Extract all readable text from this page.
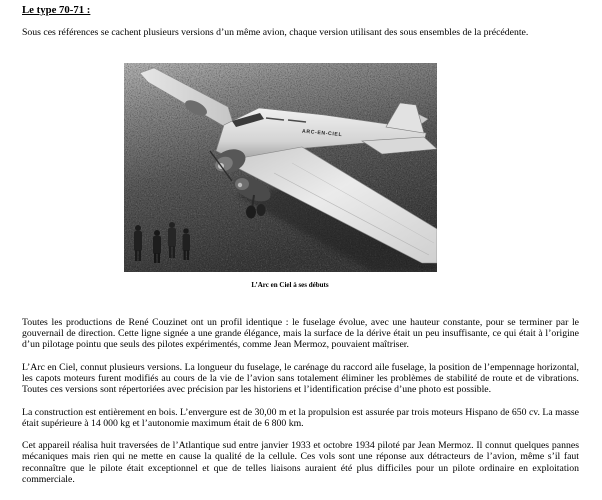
Le type 70-71 :
Sous ces références se cachent plusieurs versions d’un même avion, chaque version utilisant des sous ensembles de la précédente.
ARC-EN-CIEL
L’Arc en Ciel à ses débuts

Toutes les productions de René Couzinet ont un profil identique : le fuselage évolue, avec une hauteur constante, pour se terminer par le gouvernail de direction. Cette ligne signée a une grande élégance, mais la surface de la dérive était un peu insuffisante, ce qui était à l’origine d’un pilotage pointu que seuls des pilotes expérimentés, comme Jean Mermoz, pouvaient maîtriser.

L’Arc en Ciel, connut plusieurs versions. La longueur du fuselage, le carénage du raccord aile fuselage, la position de l’empennage horizontal, les capots moteurs furent modifiés au cours de la vie de l’avion sans totalement éliminer les problèmes de stabilité de route et de vibrations. Toutes ces versions sont répertoriées avec précision par les historiens et l’identification précise d’une photo est possible.

La construction est entièrement en bois. L’envergure est de 30,00 m et la propulsion est assurée par trois moteurs Hispano de 650 cv. La masse était supérieure à 14 000 kg et l’autonomie maximum était de 6 800 km.

Cet appareil réalisa huit traversées de l’Atlantique sud entre janvier 1933 et octobre 1934 piloté par Jean Mermoz. Il connut quelques pannes mécaniques mais rien qui ne mette en cause la qualité de la cellule. Ces vols sont une réponse aux détracteurs de l’avion, même s’il faut reconnaître que le pilote était exceptionnel et que de telles liaisons auraient été plus difficiles pour un pilote ordinaire en exploitation commerciale.
